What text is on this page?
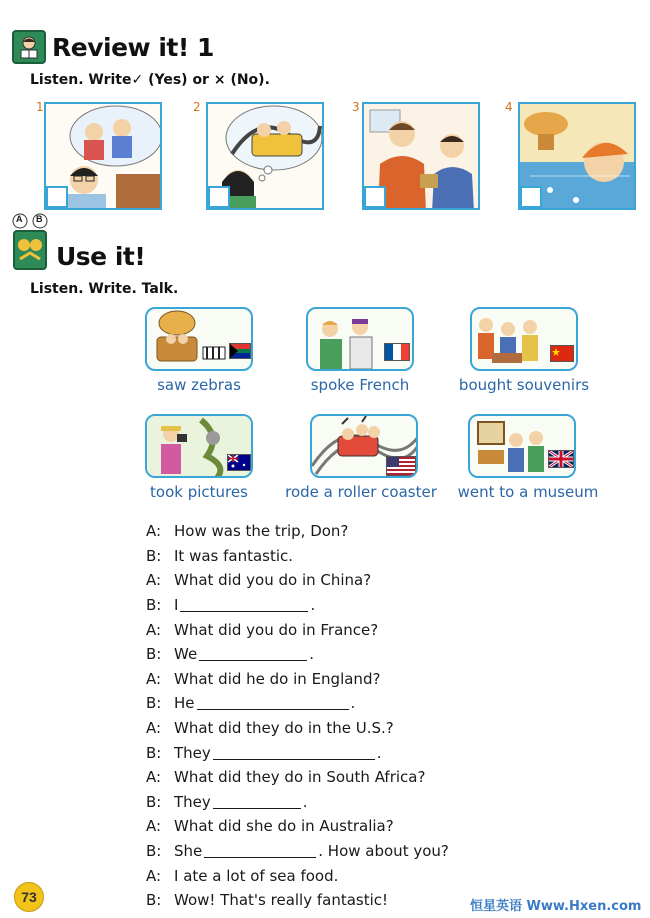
Review it! 1
Listen. Write✓ (Yes) or × (No).
1	2	3	4
A B
Use it!
Listen. Write. Talk.
saw zebras	spoke French	bought souvenirs
took pictures	rode a roller coaster	went to a museum
A: How was the trip, Don?
B: It was fantastic.
A: What did you do in China?
B: I	.
A: What did you do in France?
B: We	.
A: What did he do in England?
B: He	.
A: What did they do in the U.S.?
B: They	.
A: What did they do in South Africa?
B: They	.
A: What did she do in Australia?
B: She	. How about you?
A: I ate a lot of sea food.
B: Wow! That's really fantastic!
73
恒星英语 Www.Hxen.com
